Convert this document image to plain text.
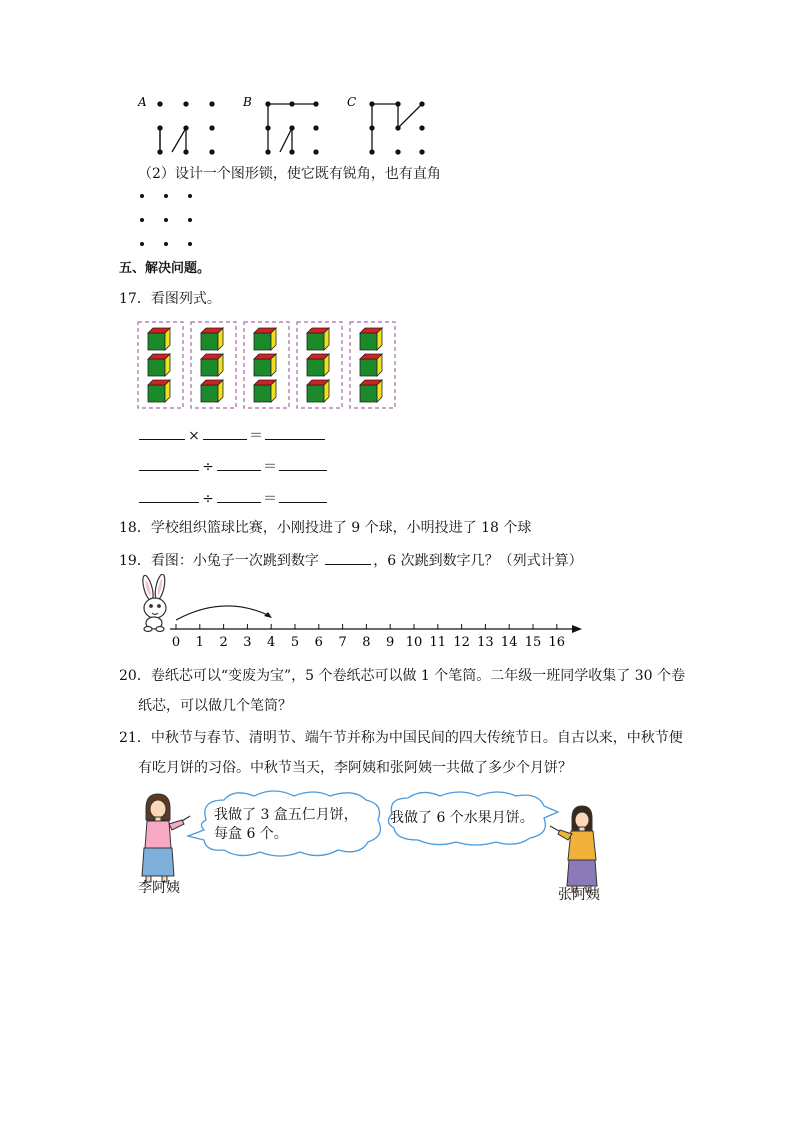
A	B	C
（2）设计一个图形锁，使它既有锐角，也有直角
五、解决问题。
17．看图列式。
×	＝
÷	＝
÷	＝
18．学校组织篮球比赛，小刚投进了 9 个球，小明投进了 18 个球
19．看图：小兔子一次跳到数字	，6 次跳到数字几？（列式计算）
0 1 2 3 4 5 6 7 8 9 10 11 12 13 14 15 16
20．卷纸芯可以“变废为宝”，5 个卷纸芯可以做 1 个笔筒。二年级一班同学收集了 30 个卷
纸芯，可以做几个笔筒？
21．中秋节与春节、清明节、端午节并称为中国民间的四大传统节日。自古以来，中秋节便
有吃月饼的习俗。中秋节当天，李阿姨和张阿姨一共做了多少个月饼？
我做了 3 盒五仁月饼，
每盒 6 个。
我做了 6 个水果月饼。
李阿姨	张阿姨
